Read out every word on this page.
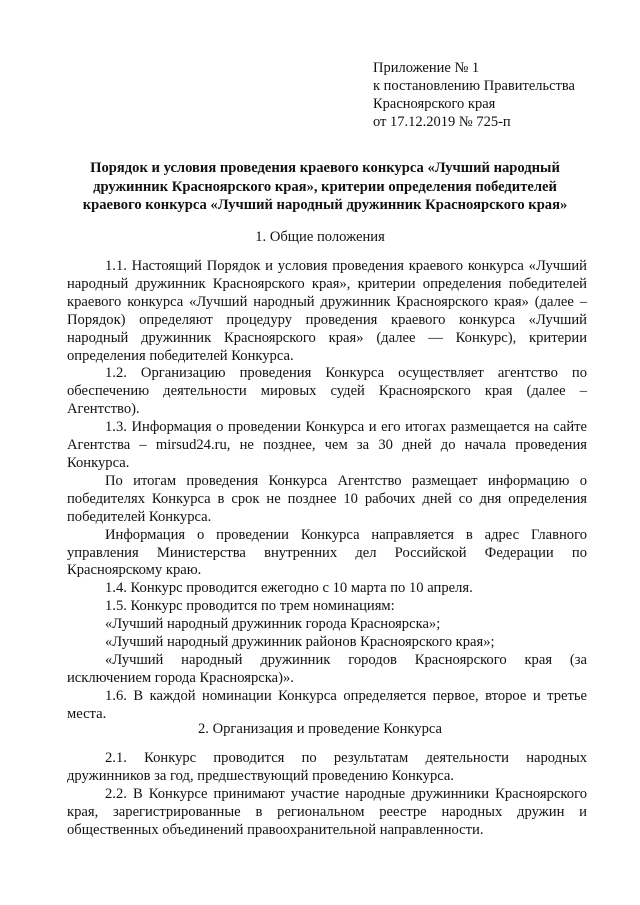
Приложение № 1
к постановлению Правительства
Красноярского края
от 17.12.2019 № 725-п
Порядок и условия проведения краевого конкурса «Лучший народный
дружинник Красноярского края», критерии определения победителей
краевого конкурса «Лучший народный дружинник Красноярского края»
1. Общие положения

1.1. Настоящий Порядок и условия проведения краевого конкурса «Лучший народный дружинник Красноярского края», критерии определения победителей краевого конкурса «Лучший народный дружинник Красноярского края» (далее – Порядок) определяют процедуру проведения краевого конкурса «Лучший народный дружинник Красноярского края» (далее — Конкурс), критерии определения победителей Конкурса.

1.2. Организацию проведения Конкурса осуществляет агентство по обеспечению деятельности мировых судей Красноярского края (далее – Агентство).

1.3. Информация о проведении Конкурса и его итогах размещается на сайте Агентства – mirsud24.ru, не позднее, чем за 30 дней до начала проведения Конкурса.

По итогам проведения Конкурса Агентство размещает информацию о победителях Конкурса в срок не позднее 10 рабочих дней со дня определения победителей Конкурса.

Информация о проведении Конкурса направляется в адрес Главного управления Министерства внутренних дел Российской Федерации по Красноярскому краю.

1.4. Конкурс проводится ежегодно с 10 марта по 10 апреля.

1.5. Конкурс проводится по трем номинациям:

«Лучший народный дружинник города Красноярска»;

«Лучший народный дружинник районов Красноярского края»;

«Лучший народный дружинник городов Красноярского края (за исключением города Красноярска)».

1.6. В каждой номинации Конкурса определяется первое, второе и третье места.

2. Организация и проведение Конкурса

2.1. Конкурс проводится по результатам деятельности народных дружинников за год, предшествующий проведению Конкурса.

2.2. В Конкурсе принимают участие народные дружинники Красноярского края, зарегистрированные в региональном реестре народных дружин и общественных объединений правоохранительной направленности.
